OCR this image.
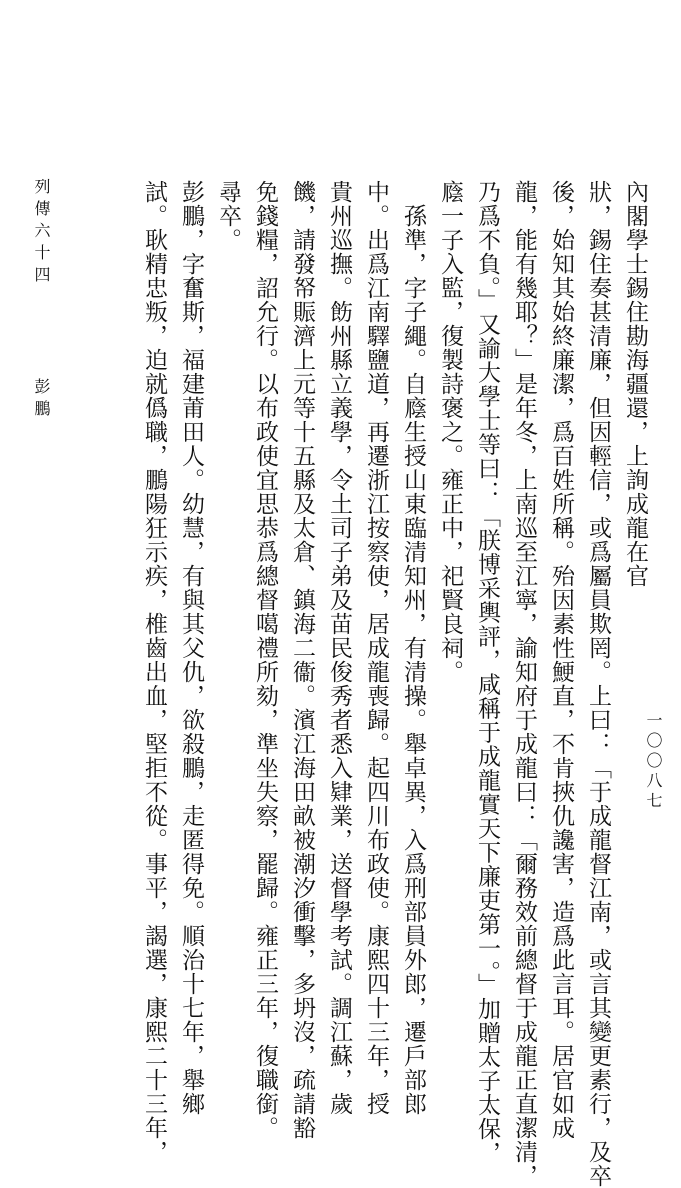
內閣學士錫住勘海疆還，上詢成龍在官
狀，錫住奏甚清廉，但因輕信，或爲屬員欺罔。上曰：「于成龍督江南，或言其變更素行，及卒
後，始知其始終廉潔，爲百姓所稱。殆因素性鯁直，不肯挾仇讒害，造爲此言耳。居官如成
龍，能有幾耶？」是年冬，上南巡至江寧，諭知府于成龍曰：「爾務效前總督于成龍正直潔清，
乃爲不負。」又諭大學士等曰：「朕博采輿評，咸稱于成龍實天下廉吏第一。」加贈太子太保，
廕一子入監，復製詩褒之。雍正中，祀賢良祠。
孫準，字子繩。自廕生授山東臨清知州，有清操。舉卓異，入爲刑部員外郎，遷戶部郎
中。出爲江南驛鹽道，再遷浙江按察使，居成龍喪歸。起四川布政使。康熙四十三年，授
貴州巡撫。飭州縣立義學，令土司子弟及苗民俊秀者悉入肄業，送督學考試。調江蘇，歲
饑，請發帑賑濟上元等十五縣及太倉、鎮海二衞。濱江海田畝被潮汐衝擊，多坍沒，疏請豁
免錢糧，詔允行。以布政使宜思恭爲總督噶禮所劾，準坐失察，罷歸。雍正三年，復職銜。
尋卒。
彭鵬，字奮斯，福建莆田人。幼慧，有與其父仇，欲殺鵬，走匿得免。順治十七年，舉鄉
試。耿精忠叛，迫就僞職，鵬陽狂示疾，椎齒出血，堅拒不從。事平，謁選，康熙二十三年，
列傳六十四  彭鵬
一〇〇八七
